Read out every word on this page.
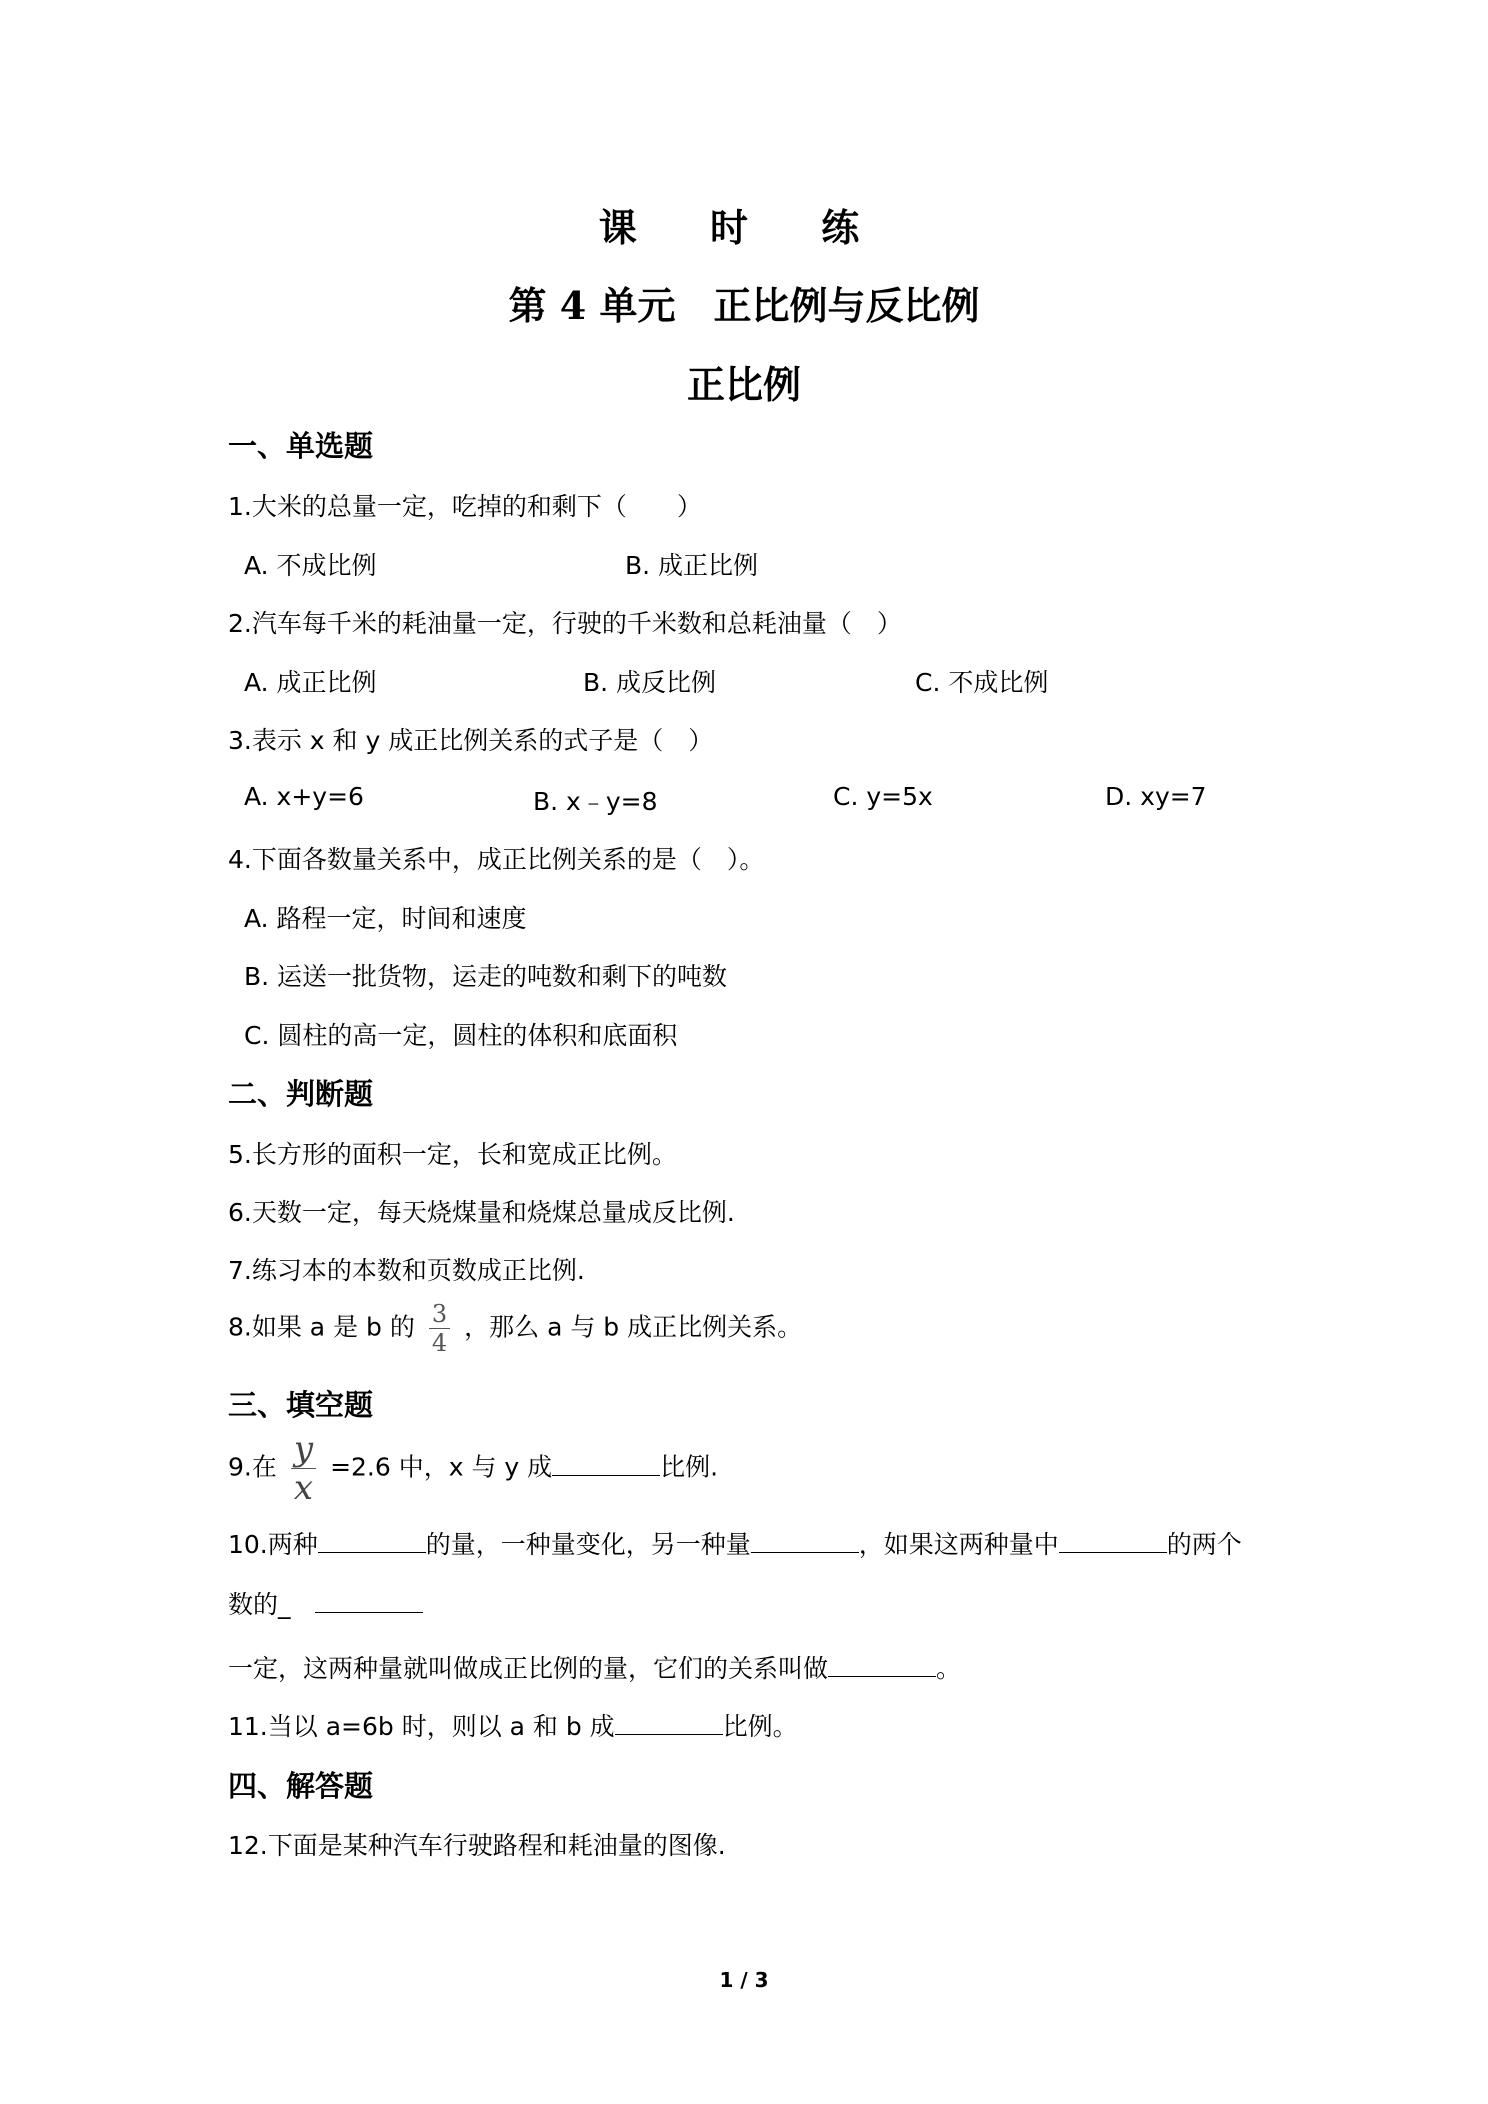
课 时 练
第 4 单元　正比例与反比例
正比例
一、单选题
1.大米的总量一定，吃掉的和剩下（　　）
A. 不成比例	B. 成正比例
2.汽车每千米的耗油量一定，行驶的千米数和总耗油量（　）
A. 成正比例	B. 成反比例	C. 不成比例
3.表示 x 和 y 成正比例关系的式子是（　）
A. x+y=6	B. x﹣y=8	C. y=5x	D. xy=7
4.下面各数量关系中，成正比例关系的是（　）。
A. 路程一定，时间和速度
B. 运送一批货物，运走的吨数和剩下的吨数
C. 圆柱的高一定，圆柱的体积和底面积
二、判断题
5.长方形的面积一定，长和宽成正比例。
6.天数一定，每天烧煤量和烧煤总量成反比例.
7.练习本的本数和页数成正比例.
8.如果 a 是 b 的 $\frac{3}{4}$ ，那么 a 与 b 成正比例关系。
三、填空题
9.在 $\frac{y}{x} =2.6$ 中，x 与 y 成	比例.
10.两种	的量，一种量变化，另一种量	，如果这两种量中	的两个
数的_
一定，这两种量就叫做成正比例的量，它们的关系叫做	。
11.当以 a=6b 时，则以 a 和 b 成	比例。
四、解答题
12.下面是某种汽车行驶路程和耗油量的图像.
1 / 3
